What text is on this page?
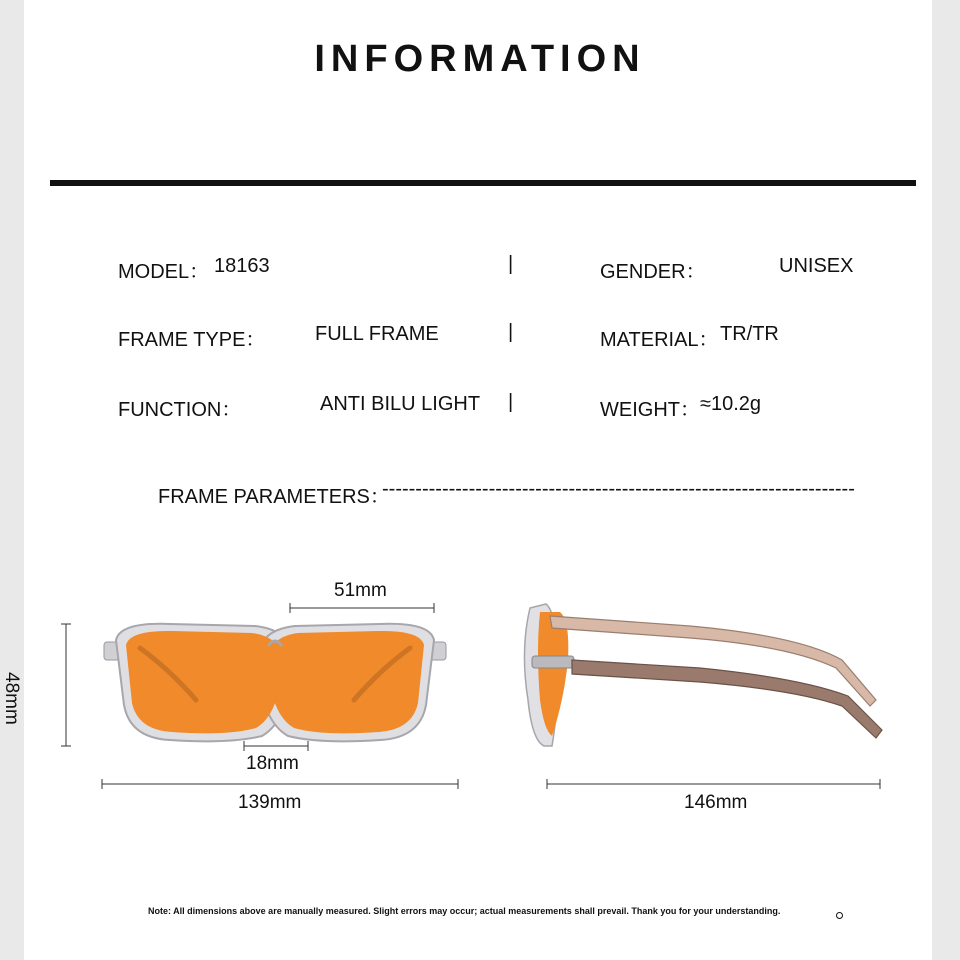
INFORMATION
MODEL： 18163	|	GENDER：	UNISEX
FRAME TYPE： FULL FRAME	|	MATERIAL： TR/TR
FUNCTION：	ANTI BILU LIGHT |	WEIGHT： ≈10.2g
FRAME PARAMETERS：
-----------------------------------------------------------------------
51mm
48mm
18mm
139mm	146mm
Note: All dimensions above are manually measured. Slight errors may occur; actual measurements shall prevail. Thank you for your understanding.
